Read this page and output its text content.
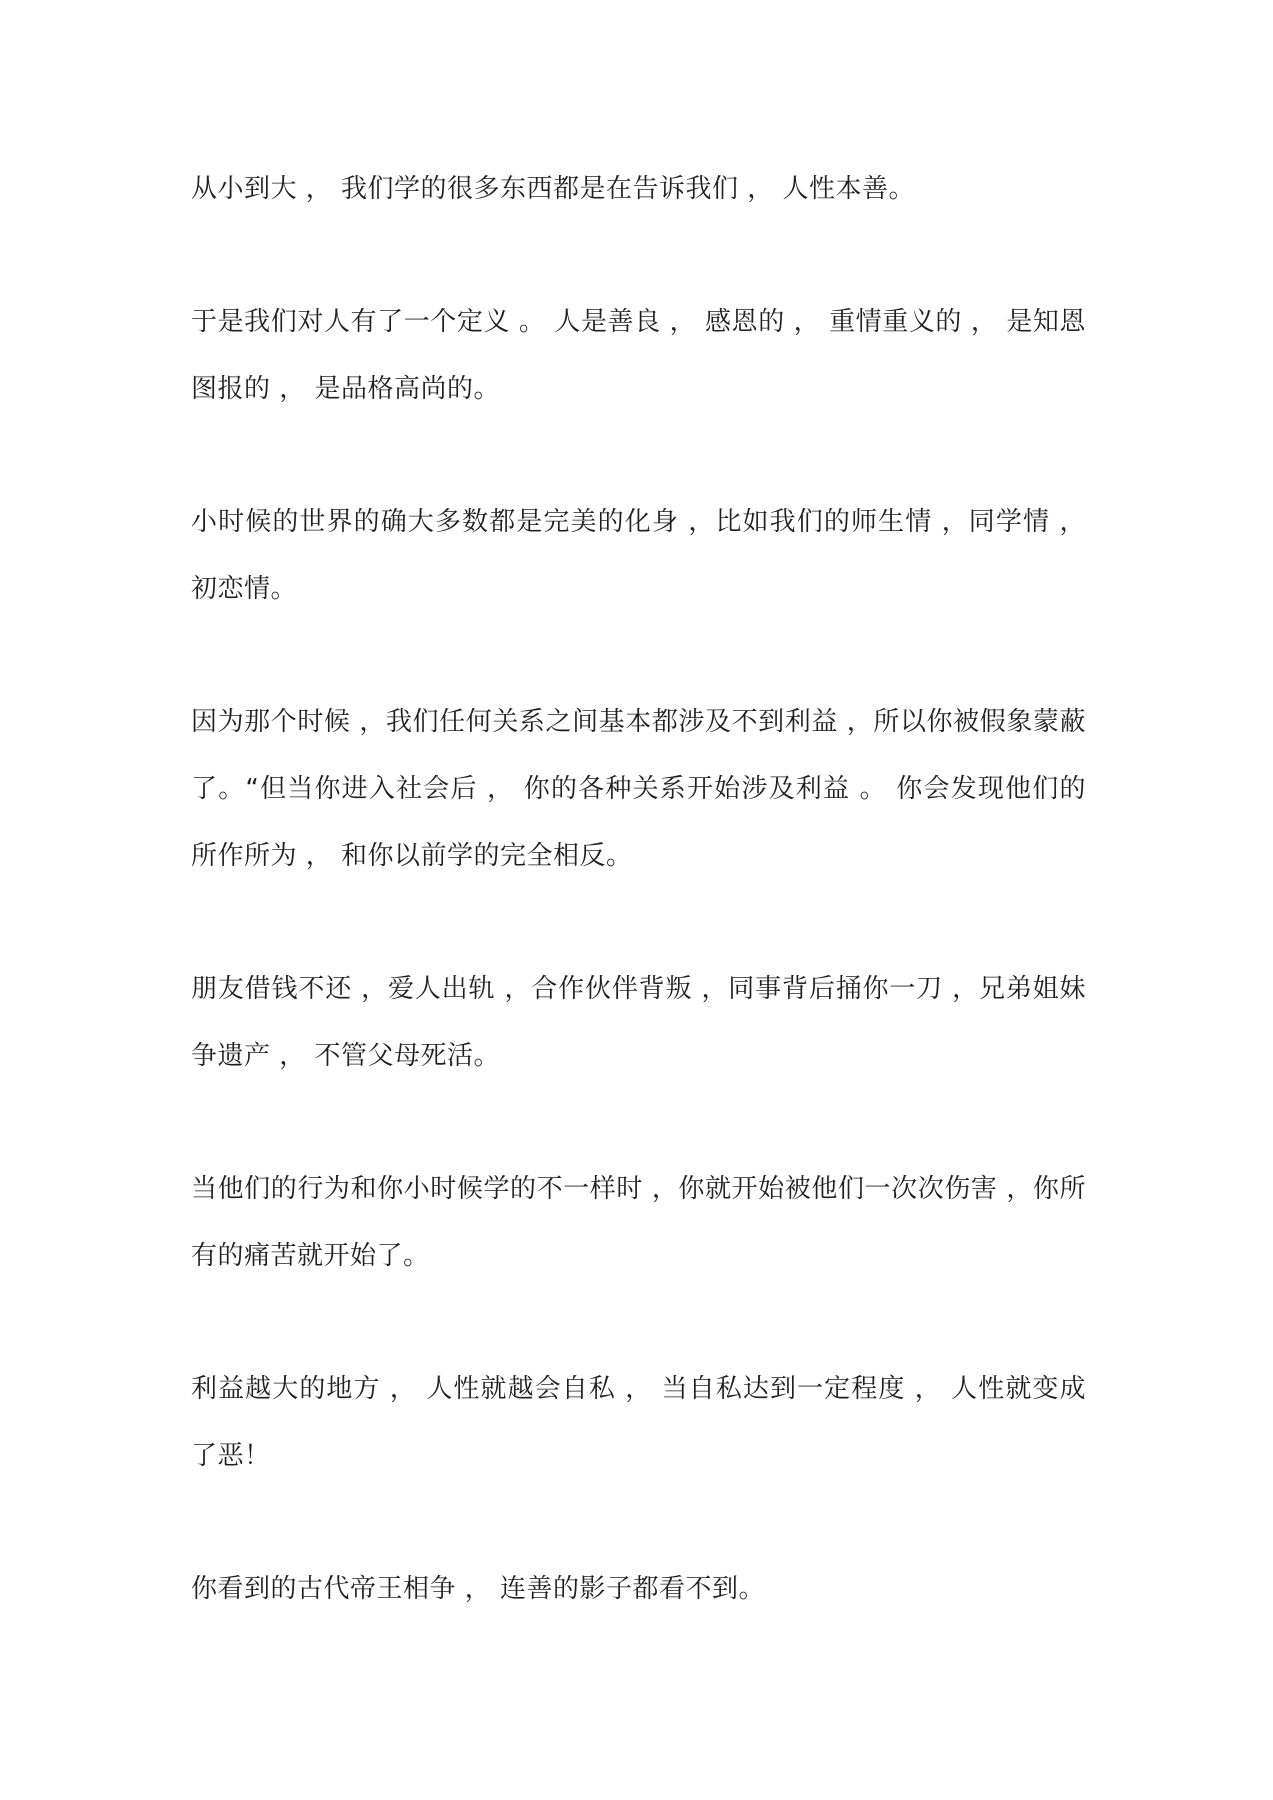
从小到大 ， 我们学的很多东西都是在告诉我们 ， 人性本善。

于是我们对人有了一个定义 。 人是善良 ， 感恩的 ， 重情重义的 ， 是知恩图报的 ， 是品格高尚的。

小时候的世界的确大多数都是完美的化身 ，比如我们的师生情 ，同学情 ，初恋情。

因为那个时候 ，我们任何关系之间基本都涉及不到利益 ，所以你被假象蒙蔽了。“但当你进入社会后 ， 你的各种关系开始涉及利益 。 你会发现他们的所作所为 ， 和你以前学的完全相反。

朋友借钱不还 ，爱人出轨 ，合作伙伴背叛 ，同事背后捅你一刀 ，兄弟姐妹争遗产 ， 不管父母死活。

当他们的行为和你小时候学的不一样时 ，你就开始被他们一次次伤害 ，你所有的痛苦就开始了。

利益越大的地方 ， 人性就越会自私 ， 当自私达到一定程度 ， 人性就变成了恶！

你看到的古代帝王相争 ， 连善的影子都看不到。
